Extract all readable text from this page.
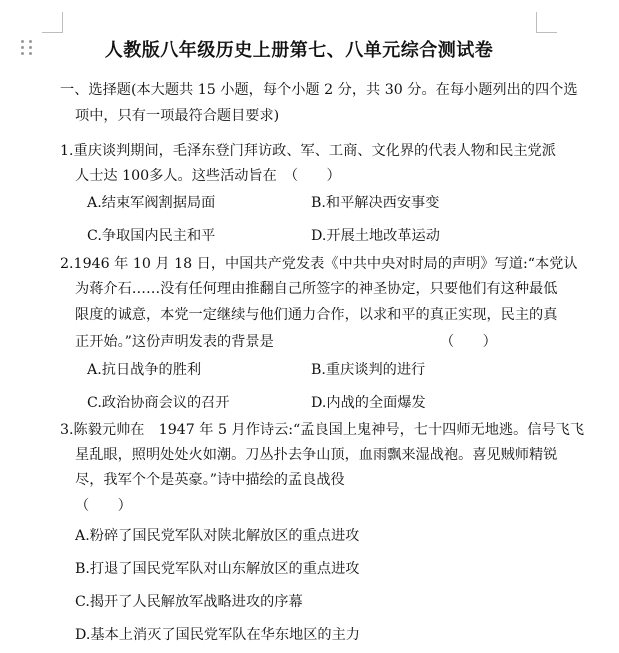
人教版八年级历史上册第七、八单元综合测试卷
一、选择题(本大题共 15 小题，每个小题 2 分，共 30 分。在每小题列出的四个选
项中，只有一项最符合题目要求)
1.重庆谈判期间，毛泽东登门拜访政、军、工商、文化界的代表人物和民主党派
人士达 100多人。这些活动旨在　（　　）
A.结束军阀割据局面	B.和平解决西安事变
C.争取国内民主和平	D.开展土地改革运动
2.1946 年 10 月 18 日，中国共产党发表《中共中央对时局的声明》写道:“本党认
为蒋介石……没有任何理由推翻自己所签字的神圣协定，只要他们有这种最低
限度的诚意，本党一定继续与他们通力合作，以求和平的真正实现，民主的真
正开始。”这份声明发表的背景是	（　　）
A.抗日战争的胜利	B.重庆谈判的进行
C.政治协商会议的召开	D.内战的全面爆发
3.陈毅元帅在　1947 年 5 月作诗云:“孟良国上鬼神号，七十四师无地逃。信号飞飞
星乱眼，照明处处火如潮。刀丛扑去争山顶，血雨飘来湿战袍。喜见贼师精锐
尽，我军个个是英豪。”诗中描绘的孟良战役
（　　）
A.粉碎了国民党军队对陕北解放区的重点进攻
B.打退了国民党军队对山东解放区的重点进攻
C.揭开了人民解放军战略进攻的序幕
D.基本上消灭了国民党军队在华东地区的主力
